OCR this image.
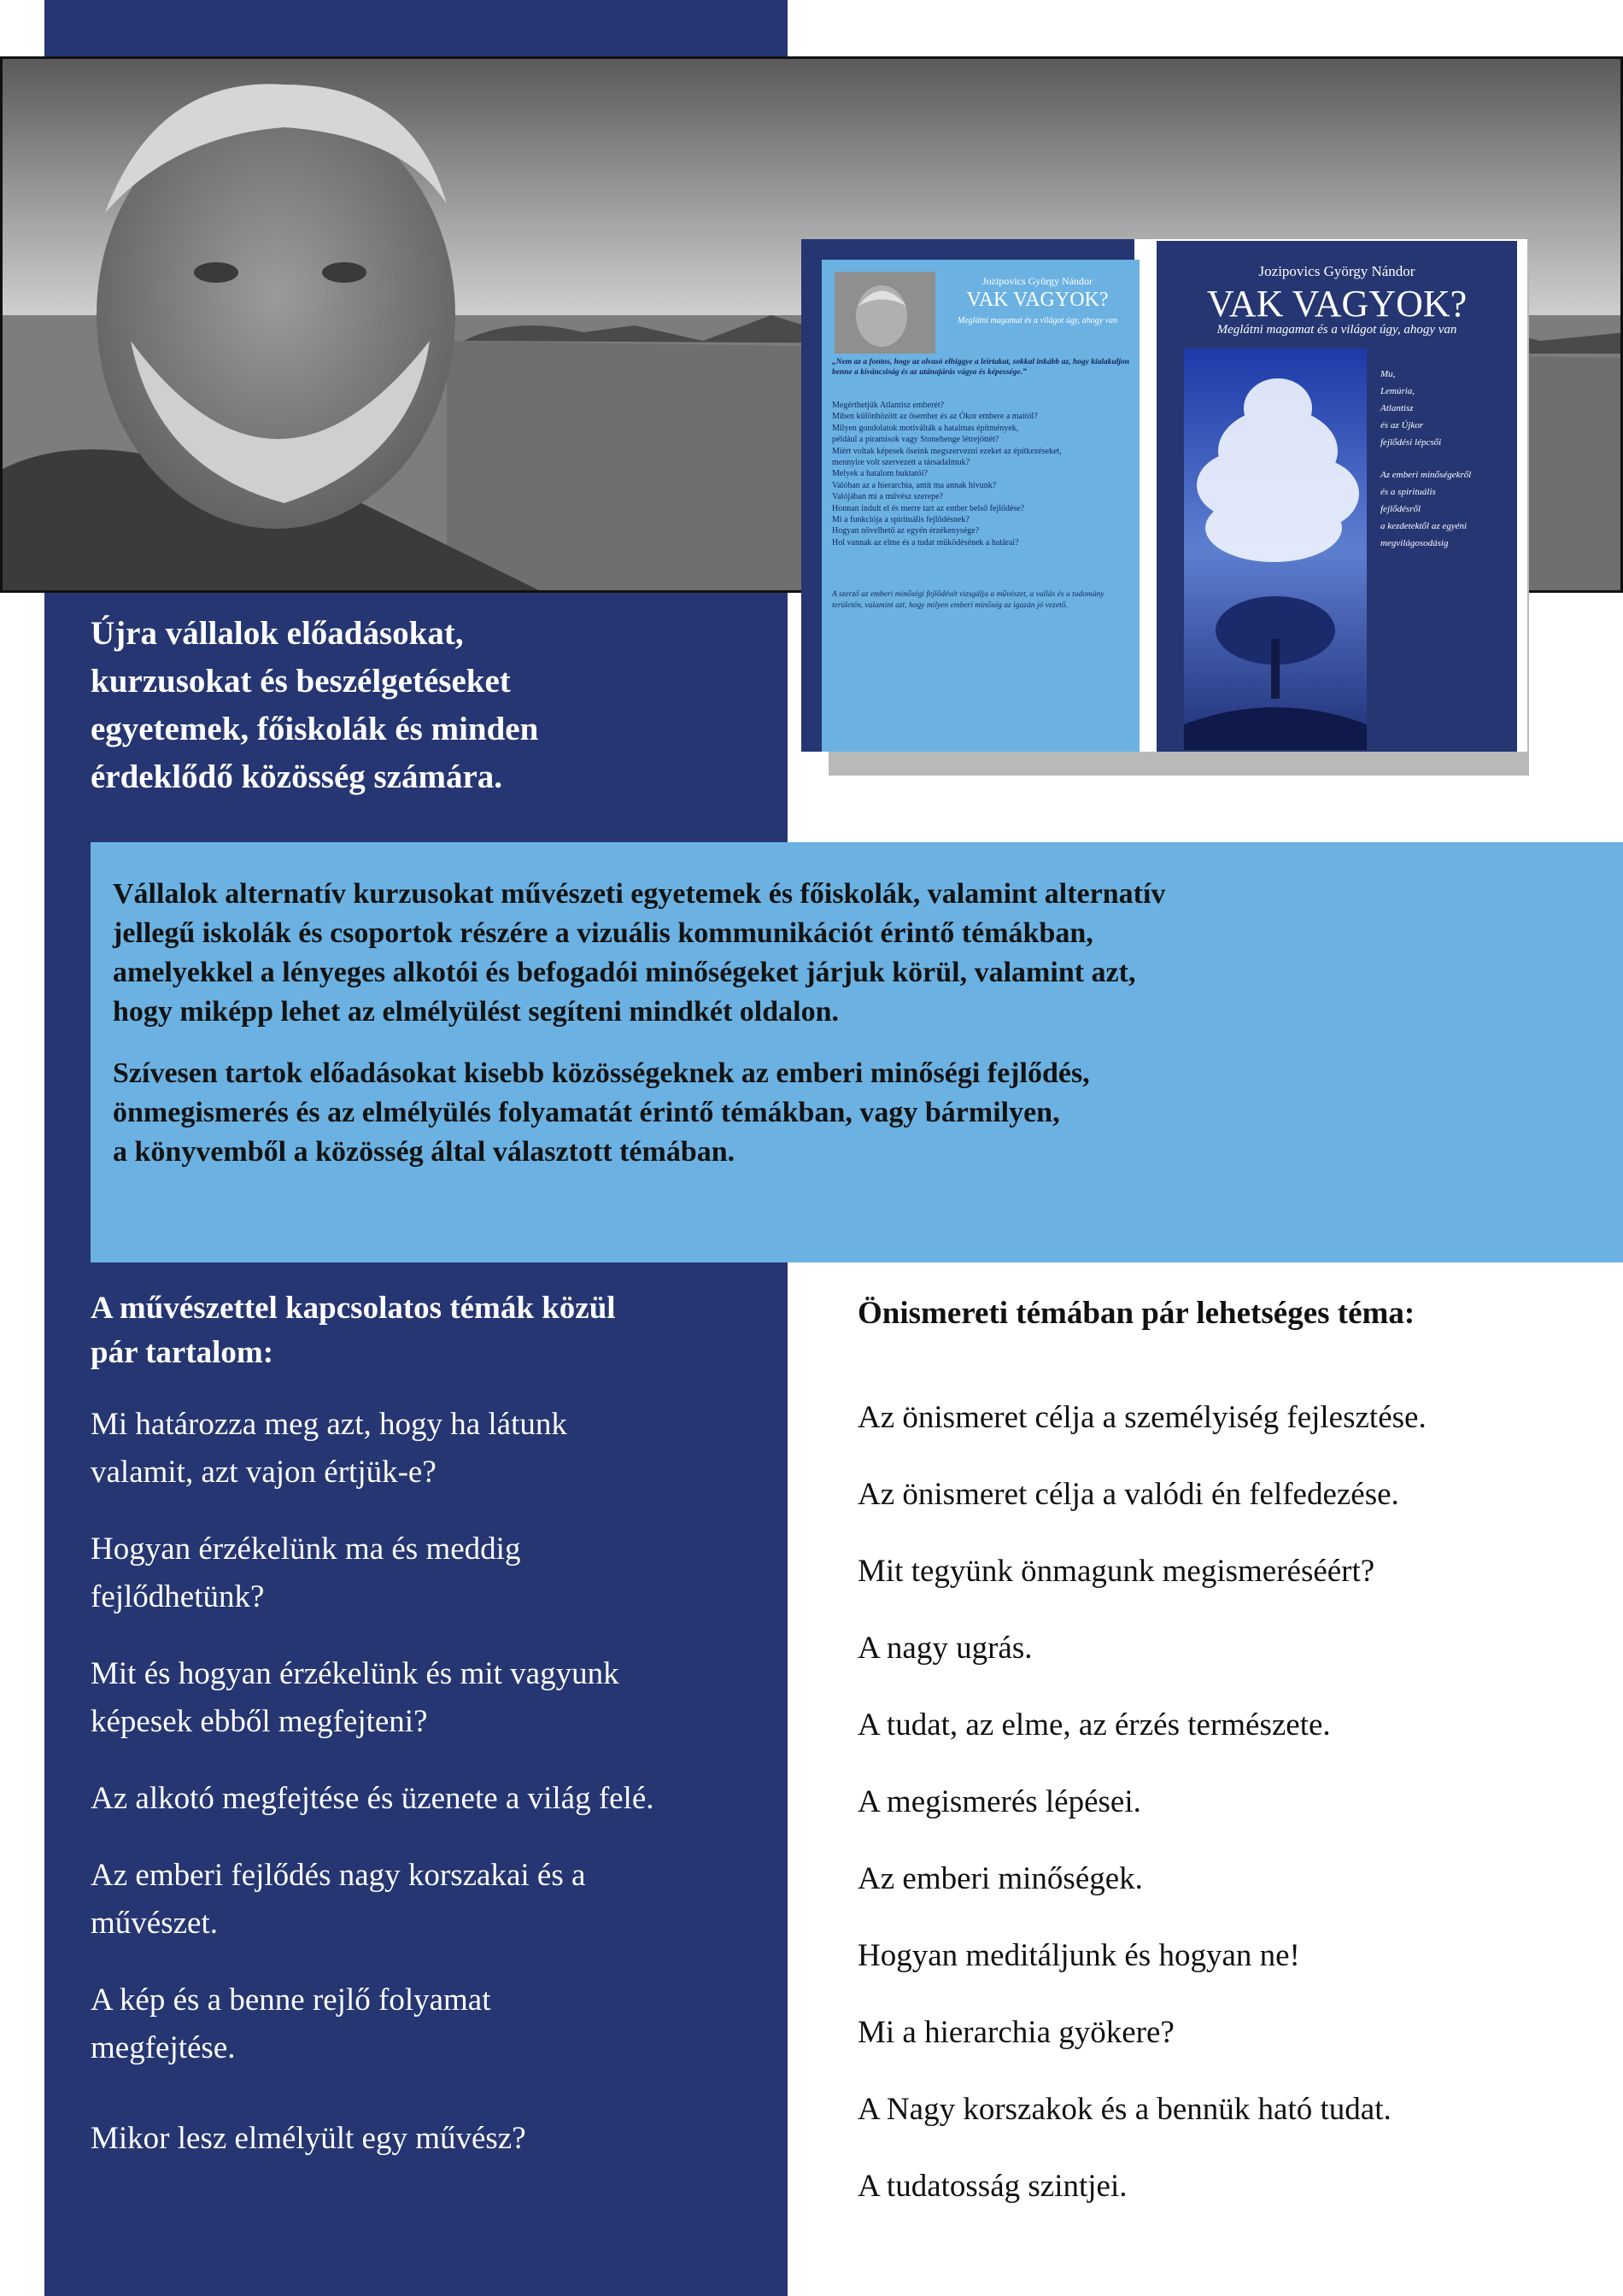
Jozipovics György Nándor
VAK VAGYOK?
Meglátni magamat és a világot úgy, ahogy van
„Nem az a fontos, hogy az olvasó elhiggye a leírtakat, sokkal inkább az, hogy kialakuljon benne a kíváncsiság és az utánajárás vágya és képessége.”
Megérthetjük Atlantisz emberét?
Miben különbözött az ősember és az Ókor embere a maitól?
Milyen gondolatok motiválták a hatalmas építmények,
például a piramisok vagy Stonehenge létrejöttét?
Miért voltak képesek őseink megszervezni ezeket az építkezéseket,
mennyire volt szervezett a társadalmuk?
Melyek a hatalom buktatói?
Valóban az a hierarchia, amit ma annak hívunk?
Valójában mi a művész szerepe?
Honnan indult el és merre tart az ember belső fejlődése?
Mi a funkciója a spirituális fejlődésnek?
Hogyan növelhető az egyén érzékenysége?
Hol vannak az elme és a tudat működésének a határai?
A szerző az emberi minőségi fejlődését vizsgálja a művészet, a vallás és a tudomány területén, valamint azt, hogy milyen emberi minőség az igazán jó vezető.
Jozipovics György Nándor
VAK VAGYOK?
Meglátni magamat és a világot úgy, ahogy van
Mu,
Lemúria,
Atlantisz
és az Újkor
fejlődési lépcsői
Az emberi minőségekről
és a spirituális
fejlődésről
a kezdetektől az egyéni
megvilágosodásig
Újra vállalok előadásokat,
kurzusokat és beszélgetéseket
egyetemek, főiskolák és minden
érdeklődő közösség számára.
Vállalok alternatív kurzusokat művészeti egyetemek és főiskolák, valamint alternatív
jellegű iskolák és csoportok részére a vizuális kommunikációt érintő témákban,
amelyekkel a lényeges alkotói és befogadói minőségeket járjuk körül, valamint azt,
hogy miképp lehet az elmélyülést segíteni mindkét oldalon.
Szívesen tartok előadásokat kisebb közösségeknek az emberi minőségi fejlődés,
önmegismerés és az elmélyülés folyamatát érintő témákban, vagy bármilyen,
a könyvemből a közösség által választott témában.
A művészettel kapcsolatos témák közül
pár tartalom:
Mi határozza meg azt, hogy ha látunk
valamit, azt vajon értjük-e?
Hogyan érzékelünk ma és meddig
fejlődhetünk?
Mit és hogyan érzékelünk és mit vagyunk
képesek ebből megfejteni?
Az alkotó megfejtése és üzenete a világ felé.
Az emberi fejlődés nagy korszakai és a
művészet.
A kép és a benne rejlő folyamat
megfejtése.
Mikor lesz elmélyült egy művész?
Önismereti témában pár lehetséges téma:
Az önismeret célja a személyiség fejlesztése.
Az önismeret célja a valódi én felfedezése.
Mit tegyünk önmagunk megismeréséért?
A nagy ugrás.
A tudat, az elme, az érzés természete.
A megismerés lépései.
Az emberi minőségek.
Hogyan meditáljunk és hogyan ne!
Mi a hierarchia gyökere?
A Nagy korszakok és a bennük ható tudat.
A tudatosság szintjei.
